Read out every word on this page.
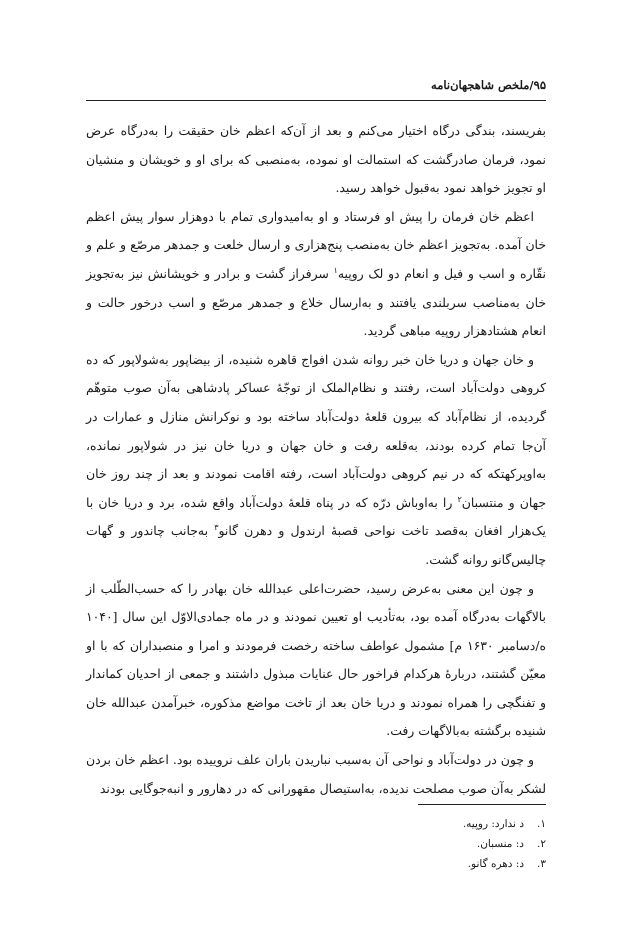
۹۵/ملخص شاهجهان‌نامه

بفریسند، بندگی درگاه اختیار می‌کنم و بعد از آن‌که اعظم خان حقیقت را به‌درگاه عرض نمود، فرمان صادرگشت که استمالت او نموده، به‌منصبی که برای او و خویشان و منشیان او تجویز خواهد نمود به‌قبول خواهد رسید.

اعظم خان فرمان را پیش او فرستاد و او به‌امیدواری تمام با دوهزار سوار پیش اعظم خان آمده. به‌تجویز اعظم خان به‌منصب پنج‌هزاری و ارسال خلعت و جمدهر مرصّع و علم و نقّاره و اسب و فیل و انعام دو لک روپیه$^۱$ سرفراز گشت و برادر و خویشانش نیز به‌تجویز خان به‌مناصب سربلندی یافتند و به‌ارسال خلاع و جمدهر مرصّع و اسب درخور حالت و انعام هشتادهزار روپیه مباهی گردید.

و خان جهان و دریا خان خبر روانه شدن افواج قاهره شنیده، از بیضاپور به‌شولاپور که ده کروهی دولت‌آباد است، رفتند و نظام‌الملک از توجّهٔ عساکر پادشاهی به‌آن صوب متوهّم گردیده، از نظام‌آباد که بیرون قلعهٔ دولت‌آباد ساخته بود و نوکرانش منازل و عمارات در آن‌جا تمام کرده بودند، به‌قلعه رفت و خان جهان و دریا خان نیز در شولاپور نمانده، به‌اوپرکهتکه که در نیم کروهی دولت‌آباد است، رفته اقامت نمودند و بعد از چند روز خان جهان و منتسبان$^۲$ را به‌اوباش درّه که در پناه قلعهٔ دولت‌آباد واقع شده، برد و دریا خان با یک‌هزار افغان به‌قصد تاخت نواحی قصبهٔ ارندول و دهرن گانو$^۳$ به‌جانب چاندور و گهات چالیس‌گانو روانه گشت.

و چون این معنی به‌عرض رسید، حضرت‌اعلی عبدالله خان بهادر را که حسب‌الطّلب از بالاگهات به‌درگاه آمده بود، به‌تأدیب او تعیین نمودند و در ماه جمادی‌الاوّل این سال [۱۰۴۰ ه‌/دسامبر ۱۶۳۰ م] مشمول عواطف ساخته رخصت فرمودند و امرا و منصبداران که با او معیّن گشتند، دربارهٔ هرکدام فراخور حال عنایات مبذول داشتند و جمعی از احدیان کماندار و تفنگچی را همراه نمودند و دریا خان بعد از تاخت مواضع مذکوره، خبرآمدن عبدالله خان شنیده برگشته به‌بالاگهات رفت.

و چون در دولت‌آباد و نواحی آن به‌سبب نباریدن باران علف نروییده بود. اعظم خان بردن لشکر به‌آن صوب مصلحت ندیده، به‌استیصال مقهورانی که در دهارور و انبه‌جوگایی بودند

۱.د ندارد: روپیه.
۲.د: منسبان.
۳.د: دهره گانو.
